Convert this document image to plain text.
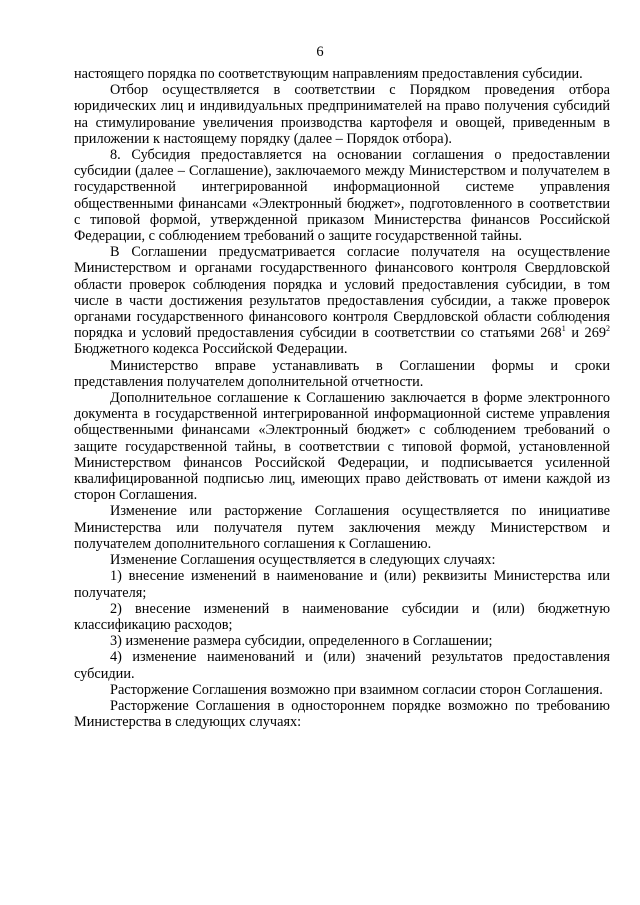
6

настоящего порядка по соответствующим направлениям предоставления субсидии.

Отбор осуществляется в соответствии с Порядком проведения отбора юридических лиц и индивидуальных предпринимателей на право получения субсидий на стимулирование увеличения производства картофеля и овощей, приведенным в приложении к настоящему порядку (далее – Порядок отбора).

8. Субсидия предоставляется на основании соглашения о предоставлении субсидии (далее – Соглашение), заключаемого между Министерством и получателем в государственной интегрированной информационной системе управления общественными финансами «Электронный бюджет», подготовленного в соответствии с типовой формой, утвержденной приказом Министерства финансов Российской Федерации, с соблюдением требований о защите государственной тайны.

В Соглашении предусматривается согласие получателя на осуществление Министерством и органами государственного финансового контроля Свердловской области проверок соблюдения порядка и условий предоставления субсидии, в том числе в части достижения результатов предоставления субсидии, а также проверок органами государственного финансового контроля Свердловской области соблюдения порядка и условий предоставления субсидии в соответствии со статьями $268^1$ и $269^2$ Бюджетного кодекса Российской Федерации.

Министерство вправе устанавливать в Соглашении формы и сроки представления получателем дополнительной отчетности.

Дополнительное соглашение к Соглашению заключается в форме электронного документа в государственной интегрированной информационной системе управления общественными финансами «Электронный бюджет» с соблюдением требований о защите государственной тайны, в соответствии с типовой формой, установленной Министерством финансов Российской Федерации, и подписывается усиленной квалифицированной подписью лиц, имеющих право действовать от имени каждой из сторон Соглашения.

Изменение или расторжение Соглашения осуществляется по инициативе Министерства или получателя путем заключения между Министерством и получателем дополнительного соглашения к Соглашению.

Изменение Соглашения осуществляется в следующих случаях:

1) внесение изменений в наименование и (или) реквизиты Министерства или получателя;

2) внесение изменений в наименование субсидии и (или) бюджетную классификацию расходов;

3) изменение размера субсидии, определенного в Соглашении;

4) изменение наименований и (или) значений результатов предоставления субсидии.

Расторжение Соглашения возможно при взаимном согласии сторон Соглашения.

Расторжение Соглашения в одностороннем порядке возможно по требованию Министерства в следующих случаях:
